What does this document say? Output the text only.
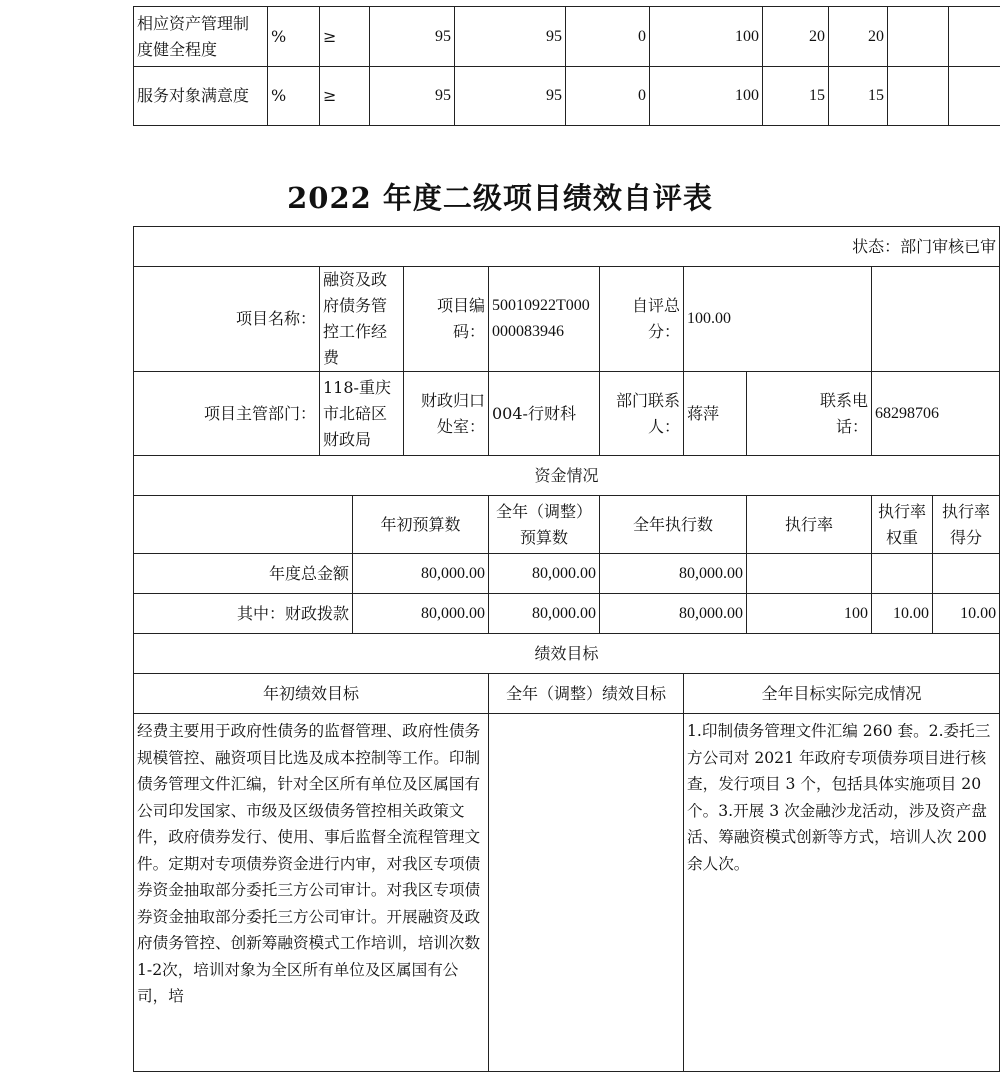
相应资产管理制度健全程度	%	≥	95	95	0	100	20	20		
服务对象满意度	%	≥	95	95	0	100	15	15		
2022 年度二级项目绩效自评表
状态：部门审核已审									
项目名称：	融资及政府债务管控工作经费		项目编码：	50010922T000000083946	自评总分：	100.00			
项目主管部门：	118-重庆市北碚区财政局		财政归口处室：	004-行财科	部门联系人：	蒋萍	联系电话：	68298706	
资金情况									
		年初预算数		全年（调整）预算数	全年执行数		执行率	执行率权重	执行率得分
年度总金额		80,000.00		80,000.00	80,000.00				
其中：财政拨款		80,000.00		80,000.00	80,000.00		100	10.00	10.00
绩效目标									
年初绩效目标				全年（调整）绩效目标		全年目标实际完成情况			
经费主要用于政府性债务的监督管理、政府性债务规模管控、融资项目比选及成本控制等工作。印制债务管理文件汇编，针对全区所有单位及区属国有公司印发国家、市级及区级债务管控相关政策文件，政府债券发行、使用、事后监督全流程管理文件。定期对专项债券资金进行内审，对我区专项债券资金抽取部分委托三方公司审计。对我区专项债券资金抽取部分委托三方公司审计。开展融资及政府债务管控、创新筹融资模式工作培训，培训次数1-2次，培训对象为全区所有单位及区属国有公司，培						1.印制债务管理文件汇编 260 套。2.委托三方公司对 2021 年政府专项债券项目进行核查，发行项目 3 个，包括具体实施项目 20 个。3.开展 3 次金融沙龙活动，涉及资产盘活、筹融资模式创新等方式，培训人次 200 余人次。			
